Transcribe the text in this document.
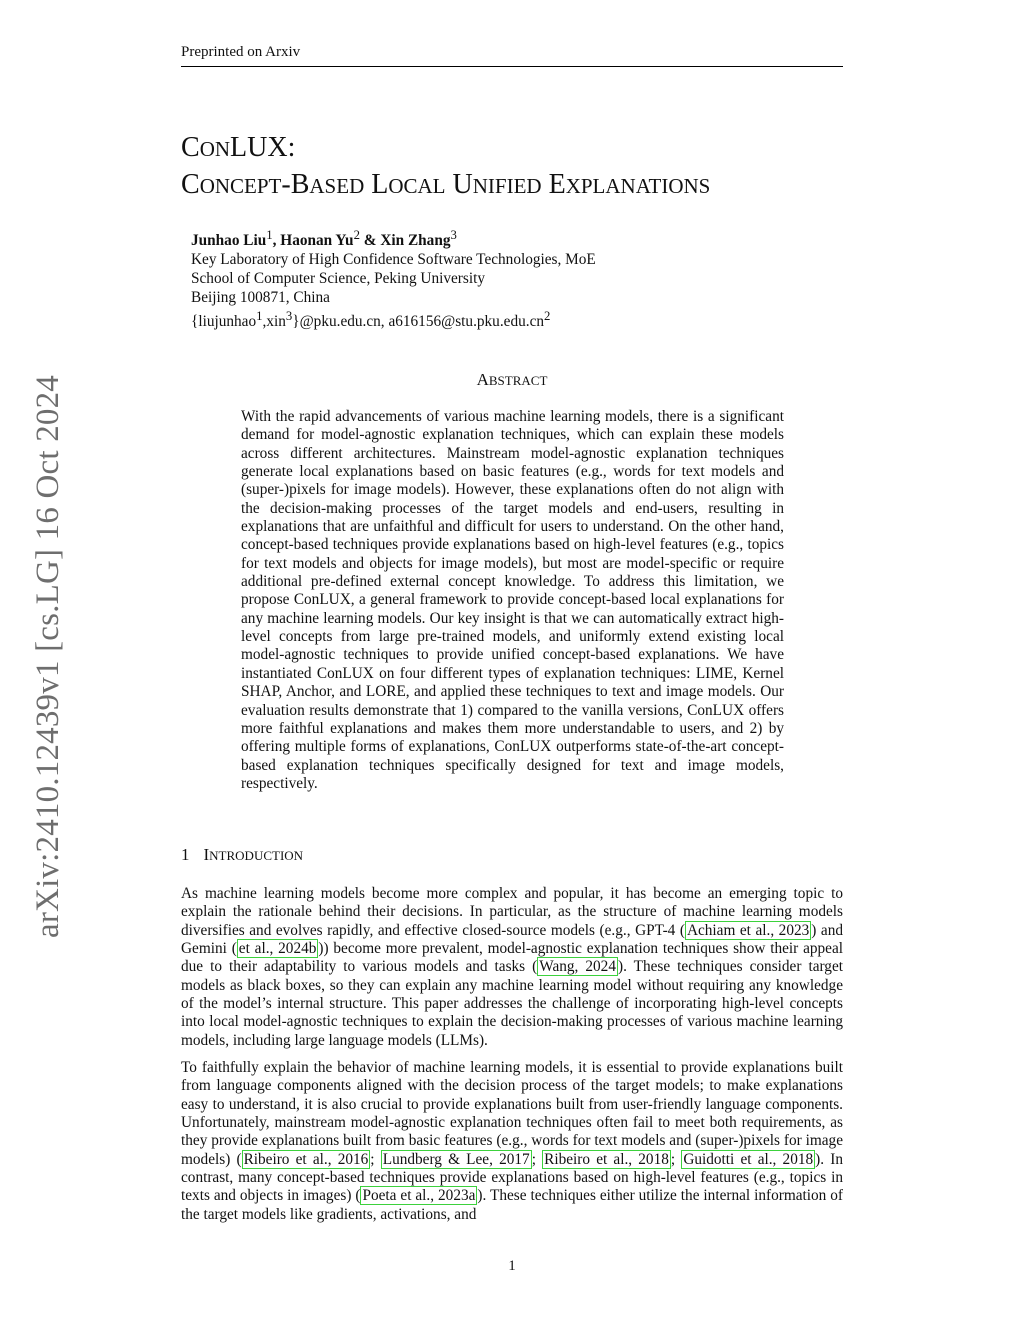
Preprinted on Arxiv
arXiv:2410.12439v1 [cs.LG] 16 Oct 2024
CONLUX:
CONCEPT-BASED LOCAL UNIFIED EXPLANATIONS
Junhao Liu$^1$, Haonan Yu$^2$ & Xin Zhang$^3$
Key Laboratory of High Confidence Software Technologies, MoE
School of Computer Science, Peking University
Beijing 100871, China
{liujunhao$^1$,xin$^3$}@pku.edu.cn, $a616156@stu.pku.edu.cn^2$
ABSTRACT

With the rapid advancements of various machine learning models, there is a significant demand for model-agnostic explanation techniques, which can explain these models across different architectures. Mainstream model-agnostic explanation techniques generate local explanations based on basic features (e.g., words for text models and (super-)pixels for image models). However, these explanations often do not align with the decision-making processes of the target models and end-users, resulting in explanations that are unfaithful and difficult for users to understand. On the other hand, concept-based techniques provide explanations based on high-level features (e.g., topics for text models and objects for image models), but most are model-specific or require additional pre-defined external concept knowledge. To address this limitation, we propose ConLUX, a general framework to provide concept-based local explanations for any machine learning models. Our key insight is that we can automatically extract high-level concepts from large pre-trained models, and uniformly extend existing local model-agnostic techniques to provide unified concept-based explanations. We have instantiated ConLUX on four different types of explanation techniques: LIME, Kernel SHAP, Anchor, and LORE, and applied these techniques to text and image models. Our evaluation results demonstrate that 1) compared to the vanilla versions, ConLUX offers more faithful explanations and makes them more understandable to users, and 2) by offering multiple forms of explanations, ConLUX outperforms state-of-the-art concept-based explanation techniques specifically designed for text and image models, respectively.

1 INTRODUCTION

As machine learning models become more complex and popular, it has become an emerging topic to explain the rationale behind their decisions. In particular, as the structure of machine learning models diversifies and evolves rapidly, and effective closed-source models (e.g., GPT-4 ( Achiam et al., 2023 ) and Gemini ( et al., 2024b )) become more prevalent, model-agnostic explanation techniques show their appeal due to their adaptability to various models and tasks ( Wang, 2024 ). These techniques consider target models as black boxes, so they can explain any machine learning model without requiring any knowledge of the model’s internal structure. This paper addresses the challenge of incorporating high-level concepts into local model-agnostic techniques to explain the decision-making processes of various machine learning models, including large language models (LLMs).

To faithfully explain the behavior of machine learning models, it is essential to provide explanations built from language components aligned with the decision process of the target models; to make explanations easy to understand, it is also crucial to provide explanations built from user-friendly language components. Unfortunately, mainstream model-agnostic explanation techniques often fail to meet both requirements, as they provide explanations built from basic features (e.g., words for text models and (super-)pixels for image models) ( Ribeiro et al., 2016 ; Lundberg & Lee, 2017 ; Ribeiro et al., 2018 ; Guidotti et al., 2018 ). In contrast, many concept-based techniques provide explanations based on high-level features (e.g., topics in texts and objects in images) ( Poeta et al., 2023a ). These techniques either utilize the internal information of the target models like gradients, activations, and

1
